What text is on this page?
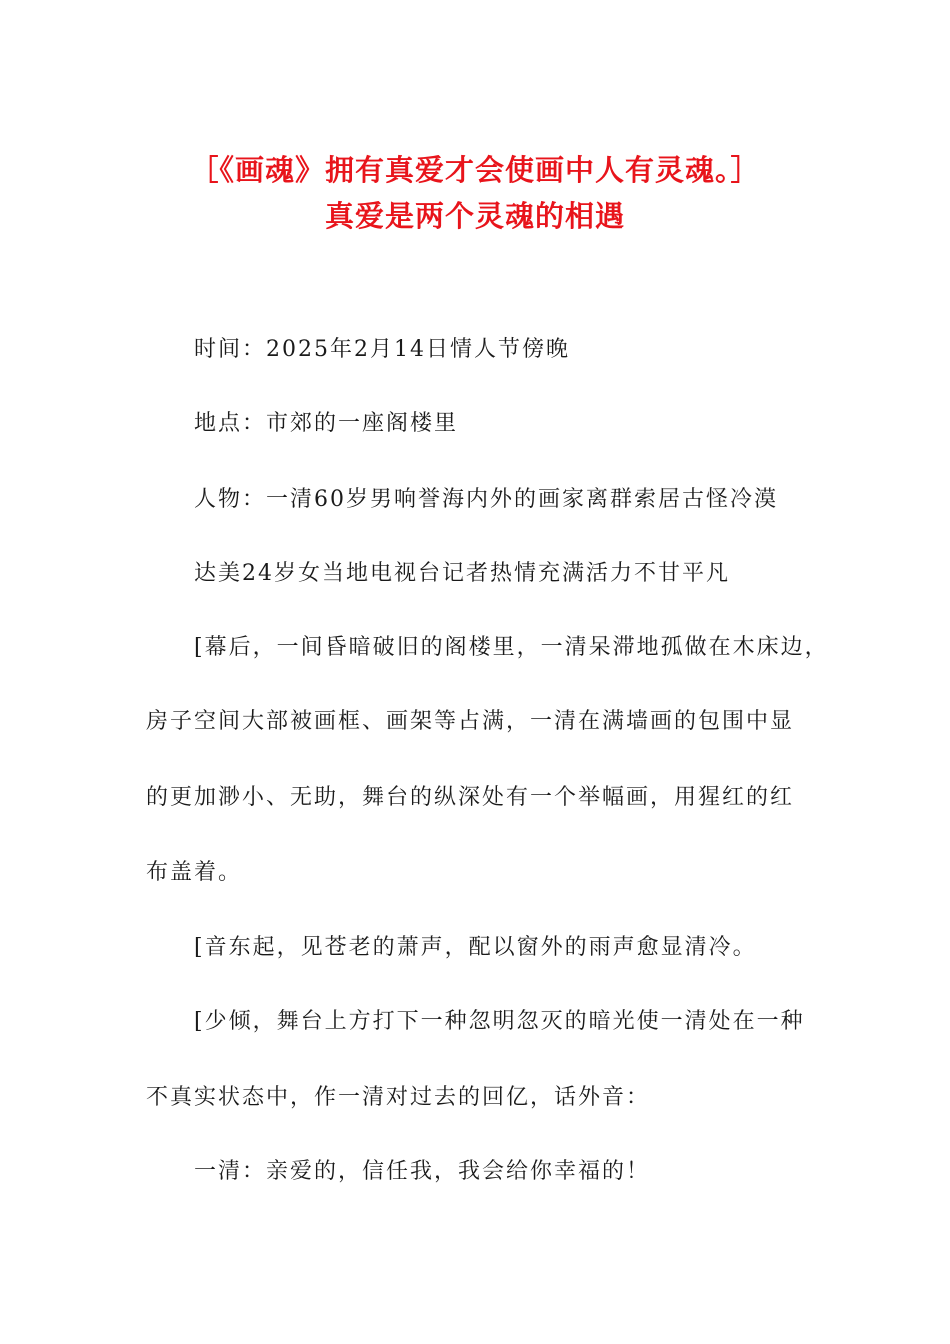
［《画魂》拥有真爱才会使画中人有灵魂。］
真爱是两个灵魂的相遇
时间：2025年2月14日情人节傍晚
地点：市郊的一座阁楼里
人物：一清60岁男响誉海内外的画家离群索居古怪冷漠
达美24岁女当地电视台记者热情充满活力不甘平凡
[幕后，一间昏暗破旧的阁楼里，一清呆滞地孤做在木床边，
房子空间大部被画框、画架等占满，一清在满墙画的包围中显
的更加渺小、无助，舞台的纵深处有一个举幅画，用猩红的红
布盖着。
[音东起，见苍老的萧声，配以窗外的雨声愈显清冷。
[少倾，舞台上方打下一种忽明忽灭的暗光使一清处在一种
不真实状态中，作一清对过去的回亿，话外音：
一清：亲爱的，信任我，我会给你幸福的！
